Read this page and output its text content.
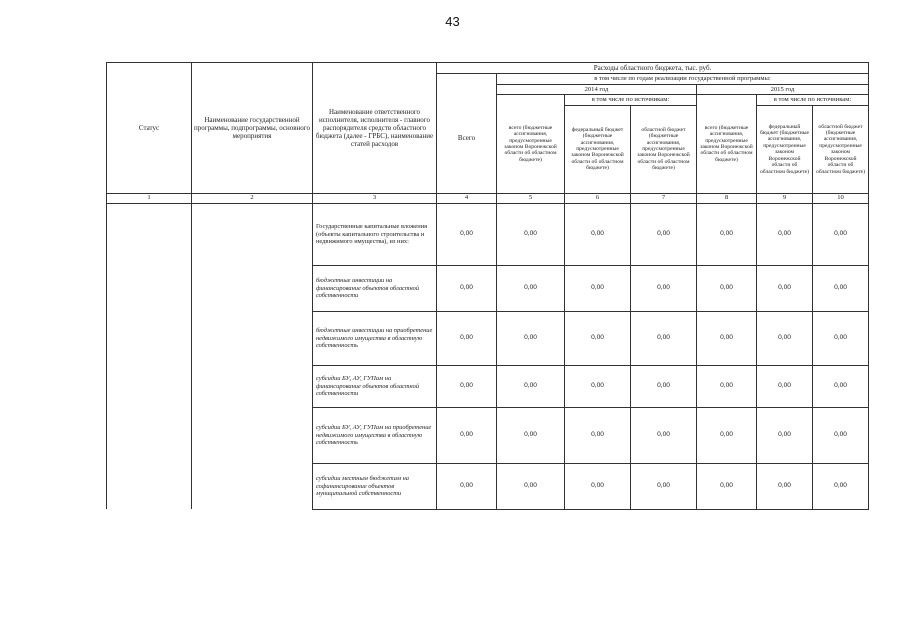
43
Статус	Наименование государственной программы, подпрограммы, основного мероприятия	Наименование ответственного исполнителя, исполнителя - главного распорядителя средств областного бюджета (далее - ГРБС), наименование статей расходов	Расходы областного бюджета, тыс. руб.						
				в том числе по годам реализации государственной программы:					
			Всего	2014 год			2015 год		
				всего (бюджетные ассигнования, предусмотренные законом Воронежской области об областном бюджете)	в том числе по источникам:		всего (бюджетные ассигнования, предусмотренные законом Воронежской области об областном бюджете)	в том числе по источникам:	
					федеральный бюджет (бюджетные ассигнования, предусмотренные законом Воронежской области об областном бюджете)	областной бюджет (бюджетные ассигнования, предусмотренные законом Воронежской области об областном бюджете)		федеральный бюджет (бюджетные ассигнования, предусмотренные законом Воронежской области об областном бюджете)	областной бюджет (бюджетные ассигнования, предусмотренные законом Воронежской области об областном бюджете)
1	2	3	4	5	6	7	8	9	10
		Государственные капитальные вложения (объекты капитального строительства и недвижимого имущества), из них:	0,00	0,00	0,00	0,00	0,00	0,00	0,00
		бюджетные инвестиции на финансирование объектов областной собственности	0,00	0,00	0,00	0,00	0,00	0,00	0,00
		бюджетные инвестиции на приобретение недвижимого имущества в областную собственность	0,00	0,00	0,00	0,00	0,00	0,00	0,00
		субсидии БУ, АУ, ГУПам на финансирование объектов областной собственности	0,00	0,00	0,00	0,00	0,00	0,00	0,00
		субсидии БУ, АУ, ГУПам на приобретение недвижимого имущества в областную собственность	0,00	0,00	0,00	0,00	0,00	0,00	0,00
		субсидии местным бюджетам на софинансирование объектов муниципальной собственности	0,00	0,00	0,00	0,00	0,00	0,00	0,00
